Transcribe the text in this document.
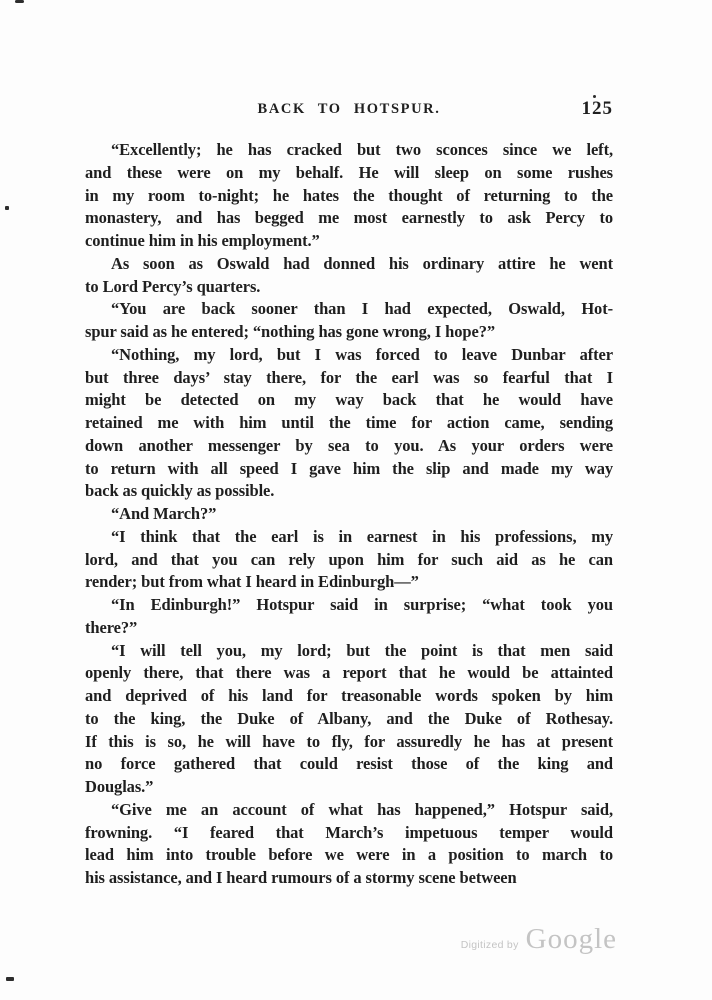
BACK TO HOTSPUR.	125
“Excellently; he has cracked but two sconces since we left,
and these were on my behalf. He will sleep on some rushes
in my room to-night; he hates the thought of returning to the
monastery, and has begged me most earnestly to ask Percy to
continue him in his employment.”
As soon as Oswald had donned his ordinary attire he went
to Lord Percy’s quarters.
“You are back sooner than I had expected, Oswald, Hot-
spur said as he entered; “nothing has gone wrong, I hope?”
“Nothing, my lord, but I was forced to leave Dunbar after
but three days’ stay there, for the earl was so fearful that I
might be detected on my way back that he would have
retained me with him until the time for action came, sending
down another messenger by sea to you. As your orders were
to return with all speed I gave him the slip and made my way
back as quickly as possible.
“And March?”
“I think that the earl is in earnest in his professions, my
lord, and that you can rely upon him for such aid as he can
render; but from what I heard in Edinburgh—”
“In Edinburgh!” Hotspur said in surprise; “what took you
there?”
“I will tell you, my lord; but the point is that men said
openly there, that there was a report that he would be attainted
and deprived of his land for treasonable words spoken by him
to the king, the Duke of Albany, and the Duke of Rothesay.
If this is so, he will have to fly, for assuredly he has at present
no force gathered that could resist those of the king and
Douglas.”
“Give me an account of what has happened,” Hotspur said,
frowning. “I feared that March’s impetuous temper would
lead him into trouble before we were in a position to march to
his assistance, and I heard rumours of a stormy scene between
Digitized by Google
